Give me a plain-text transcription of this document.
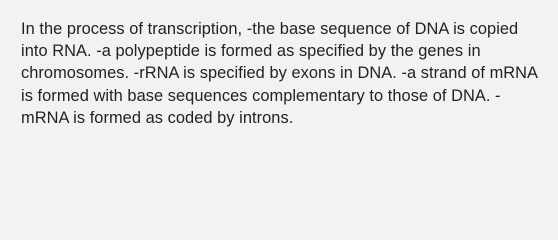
In the process of transcription, -the base sequence of DNA is copied into RNA. -a polypeptide is formed as specified by the genes in chromosomes. -rRNA is specified by exons in DNA. -a strand of mRNA is formed with base sequences complementary to those of DNA. -mRNA is formed as coded by introns.
